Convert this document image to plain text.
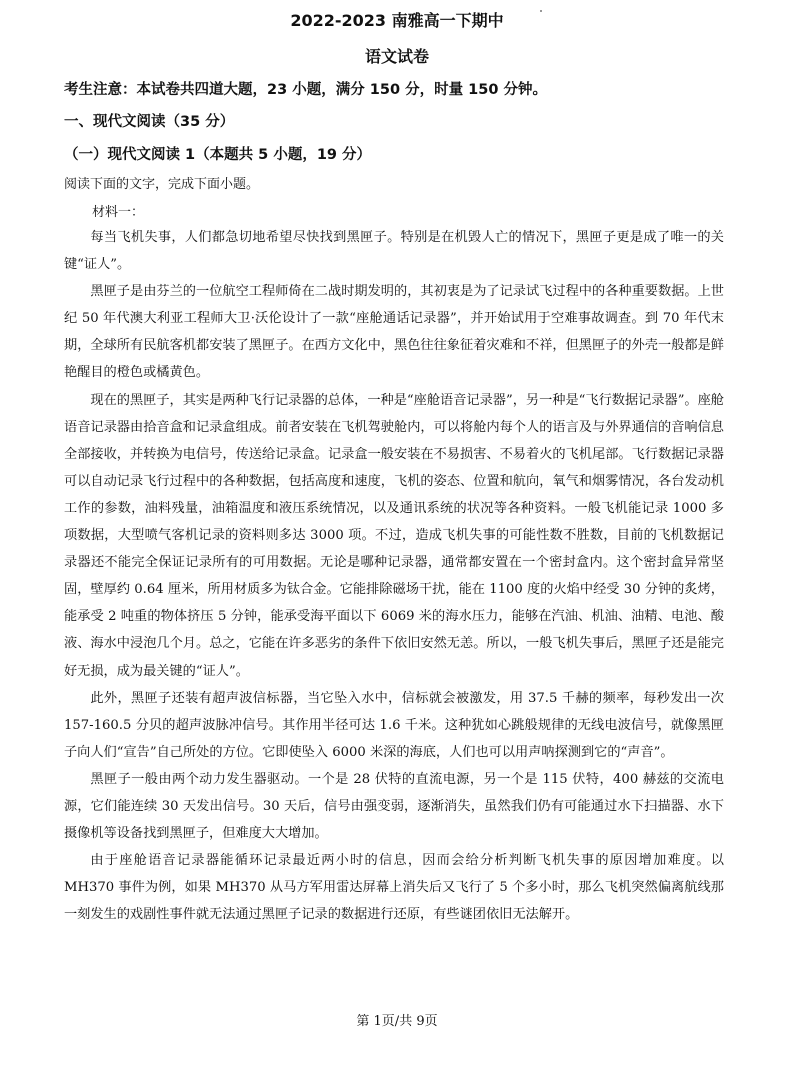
2022-2023 南雅高一下期中
语文试卷
考生注意：本试卷共四道大题，23 小题，满分 150 分，时量 150 分钟。
一、现代文阅读（35 分）
（一）现代文阅读 1（本题共 5 小题，19 分）
阅读下面的文字，完成下面小题。
材料一：

每当飞机失事，人们都急切地希望尽快找到黑匣子。特别是在机毁人亡的情况下，黑匣子更是成了唯一的关键“证人”。

黑匣子是由芬兰的一位航空工程师倚在二战时期发明的，其初衷是为了记录试飞过程中的各种重要数据。上世纪 50 年代澳大利亚工程师大卫·沃伦设计了一款“座舱通话记录器”，并开始试用于空难事故调查。到 70 年代末期，全球所有民航客机都安装了黑匣子。在西方文化中，黑色往往象征着灾难和不祥，但黑匣子的外壳一般都是鲜艳醒目的橙色或橘黄色。

现在的黑匣子，其实是两种飞行记录器的总体，一种是“座舱语音记录器”，另一种是“飞行数据记录器”。座舱语音记录器由拾音盒和记录盒组成。前者安装在飞机驾驶舱内，可以将舱内每个人的语言及与外界通信的音响信息全部接收，并转换为电信号，传送给记录盒。记录盒一般安装在不易损害、不易着火的飞机尾部。飞行数据记录器可以自动记录飞行过程中的各种数据，包括高度和速度，飞机的姿态、位置和航向，氧气和烟雾情况，各台发动机工作的参数，油料残量，油箱温度和液压系统情况，以及通讯系统的状况等各种资料。一般飞机能记录 1000 多项数据，大型喷气客机记录的资料则多达 3000 项。不过，造成飞机失事的可能性数不胜数，目前的飞机数据记录器还不能完全保证记录所有的可用数据。无论是哪种记录器，通常都安置在一个密封盒内。这个密封盒异常坚固，壁厚约 0.64 厘米，所用材质多为钛合金。它能排除磁场干扰，能在 1100 度的火焰中经受 30 分钟的炙烤，能承受 2 吨重的物体挤压 5 分钟，能承受海平面以下 6069 米的海水压力，能够在汽油、机油、油精、电池、酸液、海水中浸泡几个月。总之，它能在许多恶劣的条件下依旧安然无恙。所以，一般飞机失事后，黑匣子还是能完好无损，成为最关键的“证人”。

此外，黑匣子还装有超声波信标器，当它坠入水中，信标就会被激发，用 37.5 千赫的频率，每秒发出一次 157-160.5 分贝的超声波脉冲信号。其作用半径可达 1.6 千米。这种犹如心跳般规律的无线电波信号，就像黑匣子向人们“宣告”自己所处的方位。它即使坠入 6000 米深的海底，人们也可以用声呐探测到它的“声音”。

黑匣子一般由两个动力发生器驱动。一个是 28 伏特的直流电源，另一个是 115 伏特，400 赫兹的交流电源，它们能连续 30 天发出信号。30 天后，信号由强变弱，逐渐消失，虽然我们仍有可能通过水下扫描器、水下摄像机等设备找到黑匣子，但难度大大增加。

由于座舱语音记录器能循环记录最近两小时的信息，因而会给分析判断飞机失事的原因增加难度。以 MH370 事件为例，如果 MH370 从马方军用雷达屏幕上消失后又飞行了 5 个多小时，那么飞机突然偏离航线那一刻发生的戏剧性事件就无法通过黑匣子记录的数据进行还原，有些谜团依旧无法解开。

第 1页/共 9页
